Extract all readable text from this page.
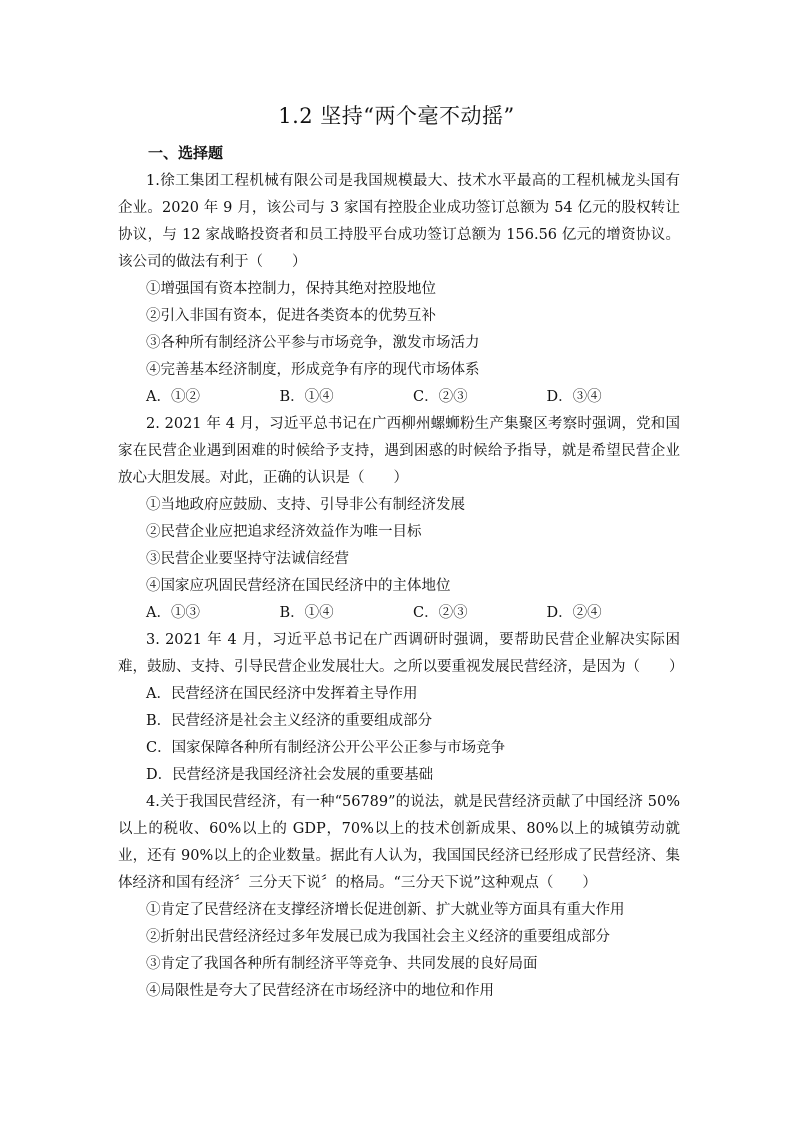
1.2 坚持“两个毫不动摇”
一、选择题

1.徐工集团工程机械有限公司是我国规模最大、技术水平最高的工程机械龙头国有企业。2020 年 9 月，该公司与 3 家国有控股企业成功签订总额为 54 亿元的股权转让协议，与 12 家战略投资者和员工持股平台成功签订总额为 156.56 亿元的增资协议。该公司的做法有利于（　　）

①增强国有资本控制力，保持其绝对控股地位

②引入非国有资本，促进各类资本的优势互补

③各种所有制经济公平参与市场竞争，激发市场活力

④完善基本经济制度，形成竞争有序的现代市场体系

A．①②	B．①④	C．②③	D．③④

2. 2021 年 4 月，习近平总书记在广西柳州螺蛳粉生产集聚区考察时强调，党和国家在民营企业遇到困难的时候给予支持，遇到困惑的时候给予指导，就是希望民营企业放心大胆发展。对此，正确的认识是（　　）

①当地政府应鼓励、支持、引导非公有制经济发展

②民营企业应把追求经济效益作为唯一目标

③民营企业要坚持守法诚信经营

④国家应巩固民营经济在国民经济中的主体地位

A．①③	B．①④	C．②③	D．②④

3. 2021 年 4 月，习近平总书记在广西调研时强调，要帮助民营企业解决实际困难，鼓励、支持、引导民营企业发展壮大。之所以要重视发展民营经济，是因为（　　）

A．民营经济在国民经济中发挥着主导作用

B．民营经济是社会主义经济的重要组成部分

C．国家保障各种所有制经济公开公平公正参与市场竞争

D．民营经济是我国经济社会发展的重要基础

4.关于我国民营经济，有一种“56789”的说法，就是民营经济贡献了中国经济 50%以上的税收、60%以上的 GDP，70%以上的技术创新成果、80%以上的城镇劳动就业，还有 90%以上的企业数量。据此有人认为，我国国民经济已经形成了民营经济、集体经济和国有经济〞三分天下说〞的格局。“三分天下说”这种观点（　　）

①肯定了民营经济在支撑经济增长促进创新、扩大就业等方面具有重大作用

②折射出民营经济经过多年发展已成为我国社会主义经济的重要组成部分

③肯定了我国各种所有制经济平等竞争、共同发展的良好局面

④局限性是夸大了民营经济在市场经济中的地位和作用
